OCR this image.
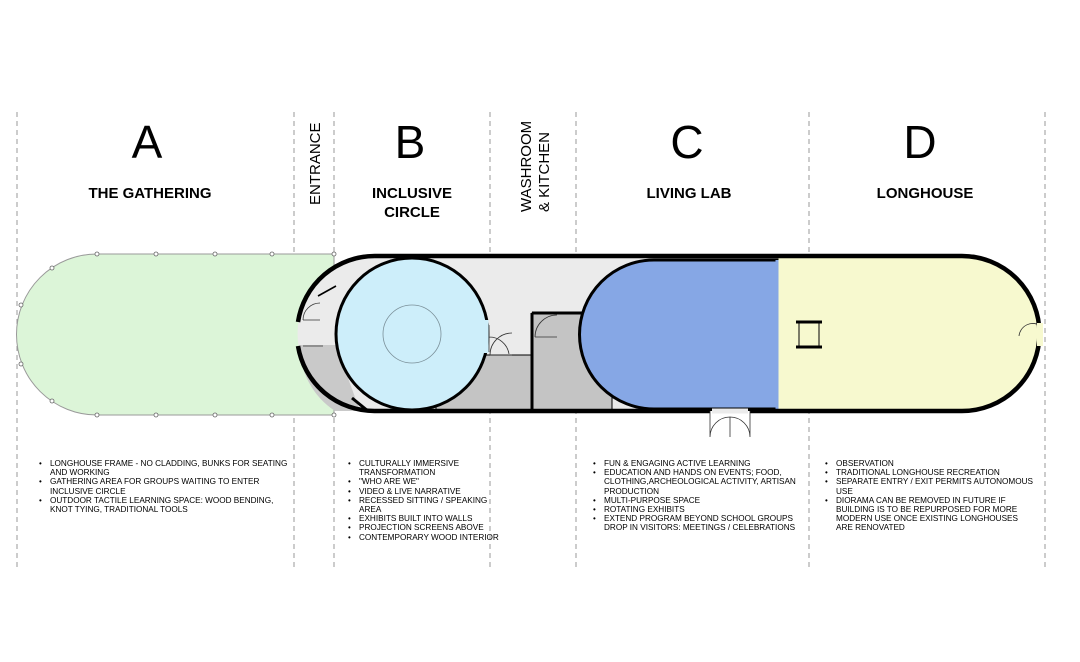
A	B	C	D
THE GATHERING	INCLUSIVE
CIRCLE
LIVING LAB	LONGHOUSE
ENTRANCE	WASHROOM & KITCHEN
• LONGHOUSE FRAME - NO CLADDING, BUNKS FOR SEATING AND WORKING
• GATHERING AREA FOR GROUPS WAITING TO ENTER INCLUSIVE CIRCLE
• OUTDOOR TACTILE LEARNING SPACE: WOOD BENDING, KNOT TYING, TRADITIONAL TOOLS
• CULTURALLY IMMERSIVE TRANSFORMATION
• "WHO ARE WE"
• VIDEO & LIVE NARRATIVE
• RECESSED SITTING / SPEAKING AREA
• EXHIBITS BUILT INTO WALLS
• PROJECTION SCREENS ABOVE
• CONTEMPORARY WOOD INTERIOR
• FUN & ENGAGING ACTIVE LEARNING
• EDUCATION AND HANDS ON EVENTS; FOOD, CLOTHING,ARCHEOLOGICAL ACTIVITY, ARTISAN PRODUCTION
• MULTI-PURPOSE SPACE
• ROTATING EXHIBITS
• EXTEND PROGRAM BEYOND SCHOOL GROUPS DROP IN VISITORS: MEETINGS / CELEBRATIONS
• OBSERVATION
• TRADITIONAL LONGHOUSE RECREATION
• SEPARATE ENTRY / EXIT PERMITS AUTONOMOUS USE
• DIORAMA CAN BE REMOVED IN FUTURE IF BUILDING IS TO BE REPURPOSED FOR MORE MODERN USE ONCE EXISTING LONGHOUSES ARE RENOVATED
